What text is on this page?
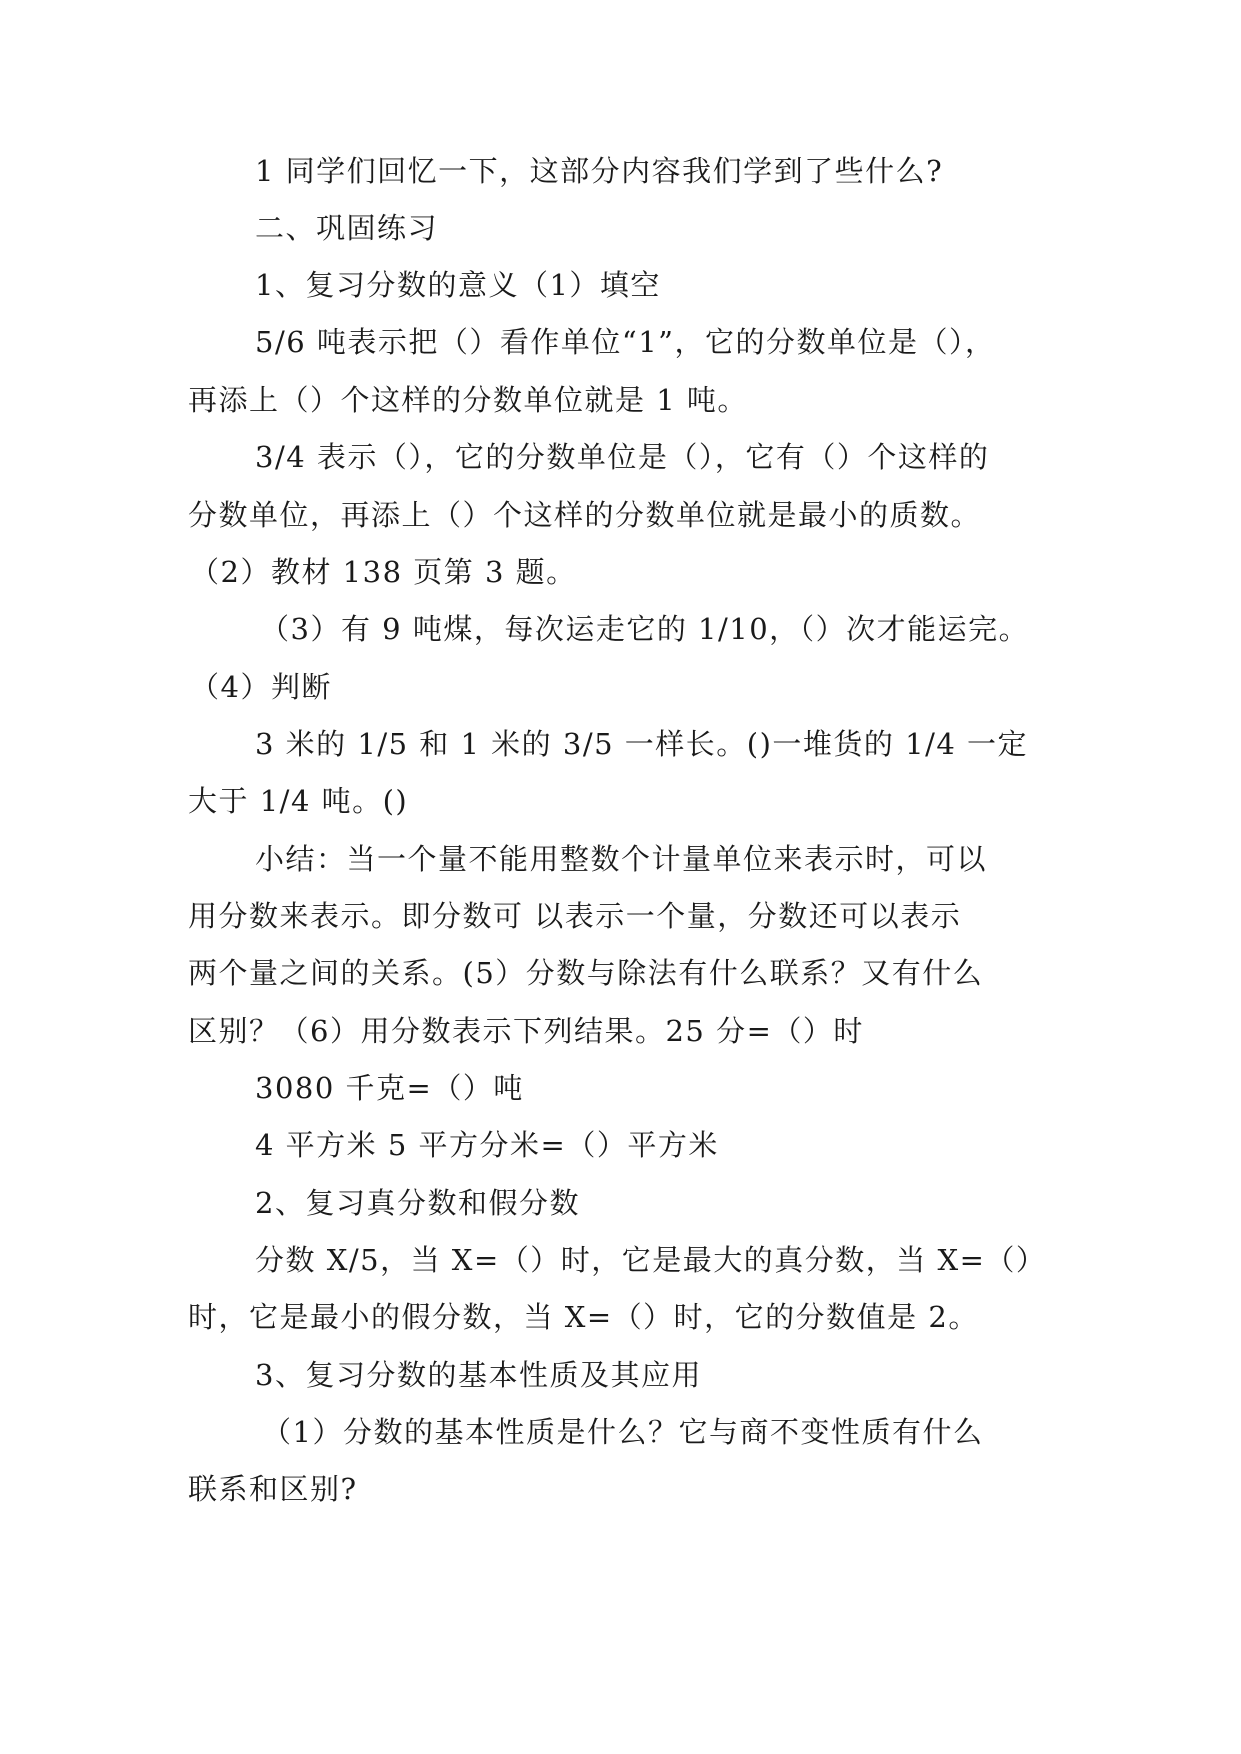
1 同学们回忆一下，这部分内容我们学到了些什么?
二、巩固练习
1、复习分数的意义（1）填空
5/6 吨表示把（）看作单位“1”，它的分数单位是（），
再添上（）个这样的分数单位就是 1 吨。
3/4 表示（），它的分数单位是（），它有（）个这样的
分数单位，再添上（）个这样的分数单位就是最小的质数。
（2）教材 138 页第 3 题。
（3）有 9 吨煤，每次运走它的 1/10，（）次才能运完。
（4）判断
3 米的 1/5 和 1 米的 3/5 一样长。()一堆货的 1/4 一定
大于 1/4 吨。()
小结：当一个量不能用整数个计量单位来表示时，可以
用分数来表示。即分数可 以表示一个量，分数还可以表示
两个量之间的关系。(5）分数与除法有什么联系？又有什么
区别？（6）用分数表示下列结果。25 分=（）时
3080 千克=（）吨
4 平方米 5 平方分米=（）平方米
2、复习真分数和假分数
分数 X/5，当 X=（）时，它是最大的真分数，当 X=（）
时，它是最小的假分数，当 X=（）时，它的分数值是 2。
3、复习分数的基本性质及其应用
（1）分数的基本性质是什么？它与商不变性质有什么
联系和区别?
